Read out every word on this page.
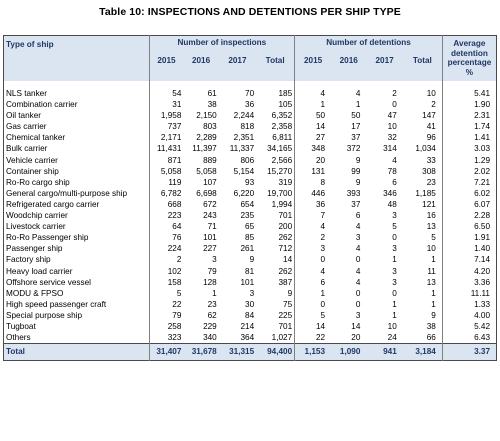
Table 10: INSPECTIONS AND DETENTIONS PER SHIP TYPE
Type of ship	Number of inspections				Number of detentions				Average detention percentage %
	2015	2016	2017	Total	2015	2016	2017	Total	

NLS tanker	54	61	70	185	4	4	2	10	5.41
Combination carrier	31	38	36	105	1	1	0	2	1.90
Oil tanker	1,958	2,150	2,244	6,352	50	50	47	147	2.31
Gas carrier	737	803	818	2,358	14	17	10	41	1.74
Chemical tanker	2,171	2,289	2,351	6,811	27	37	32	96	1.41
Bulk carrier	11,431	11,397	11,337	34,165	348	372	314	1,034	3.03
Vehicle carrier	871	889	806	2,566	20	9	4	33	1.29
Container ship	5,058	5,058	5,154	15,270	131	99	78	308	2.02
Ro-Ro cargo ship	119	107	93	319	8	9	6	23	7.21
General cargo/multi-purpose ship	6,782	6,698	6,220	19,700	446	393	346	1,185	6.02
Refrigerated cargo carrier	668	672	654	1,994	36	37	48	121	6.07
Woodchip carrier	223	243	235	701	7	6	3	16	2.28
Livestock carrier	64	71	65	200	4	4	5	13	6.50
Ro-Ro Passenger ship	76	101	85	262	2	3	0	5	1.91
Passenger ship	224	227	261	712	3	4	3	10	1.40
Factory ship	2	3	9	14	0	0	1	1	7.14
Heavy load carrier	102	79	81	262	4	4	3	11	4.20
Offshore service vessel	158	128	101	387	6	4	3	13	3.36
MODU & FPSO	5	1	3	9	1	0	0	1	11.11
High speed passenger craft	22	23	30	75	0	0	1	1	1.33
Special purpose ship	79	62	84	225	5	3	1	9	4.00
Tugboat	258	229	214	701	14	14	10	38	5.42
Others	323	340	364	1,027	22	20	24	66	6.43
Total	31,407	31,678	31,315	94,400	1,153	1,090	941	3,184	3.37
